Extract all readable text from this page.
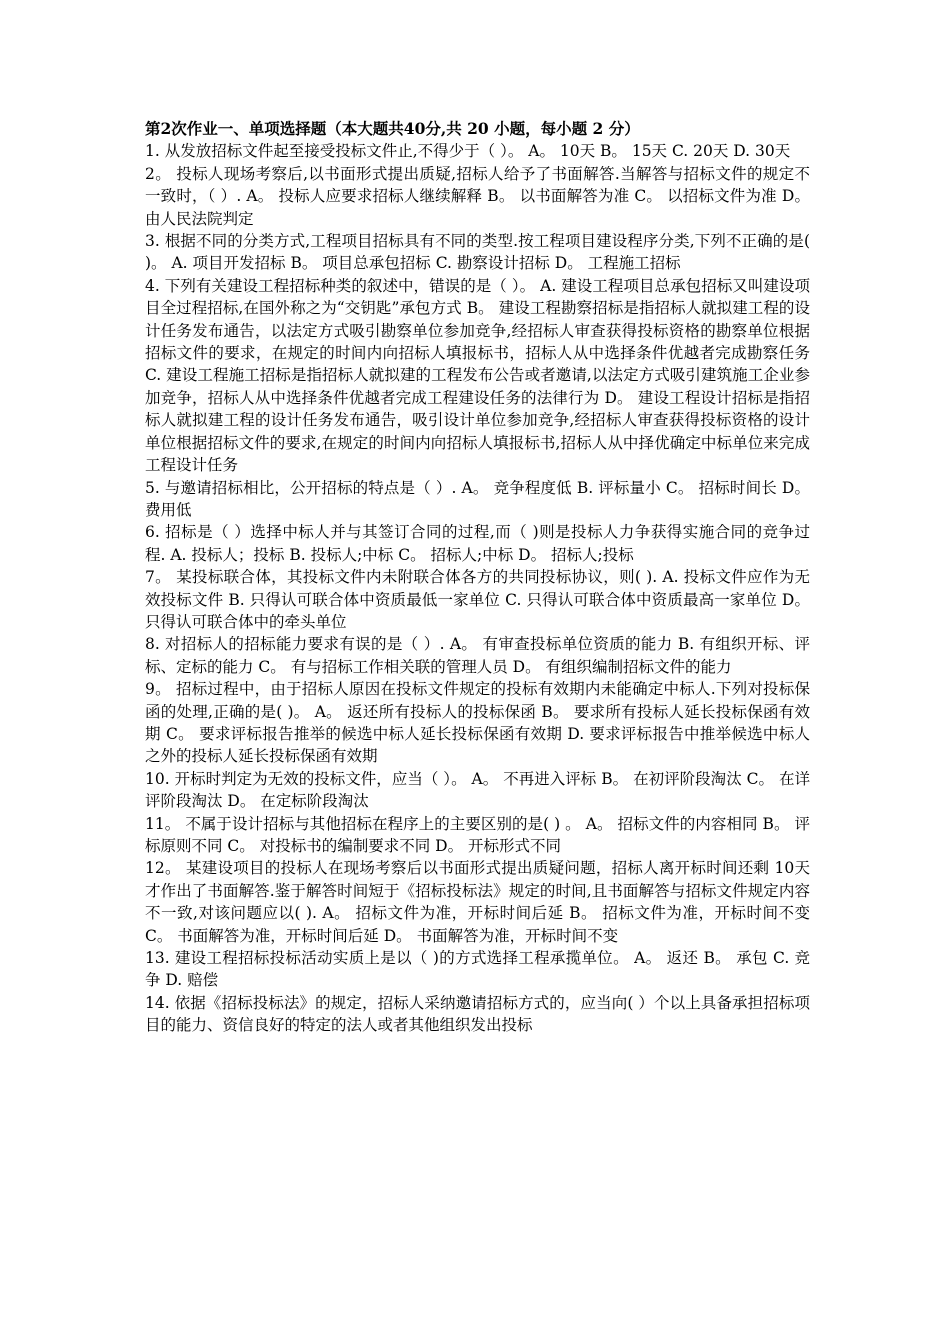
第2次作业一、单项选择题（本大题共40分,共 20 小题，每小题 2 分）

1. 从发放招标文件起至接受投标文件止,不得少于（ ）。 A。 10天 B。 15天 C. 20天 D. 30天

2。 投标人现场考察后,以书面形式提出质疑,招标人给予了书面解答.当解答与招标文件的规定不一致时，（ ）. A。 投标人应要求招标人继续解释 B。 以书面解答为准 C。 以招标文件为准 D。 由人民法院判定

3. 根据不同的分类方式,工程项目招标具有不同的类型.按工程项目建设程序分类,下列不正确的是( )。 A. 项目开发招标 B。 项目总承包招标 C. 勘察设计招标 D。 工程施工招标

4. 下列有关建设工程招标种类的叙述中，错误的是（ ）。 A. 建设工程项目总承包招标又叫建设项目全过程招标,在国外称之为“交钥匙”承包方式 B。 建设工程勘察招标是指招标人就拟建工程的设计任务发布通告，以法定方式吸引勘察单位参加竞争,经招标人审查获得投标资格的勘察单位根据招标文件的要求，在规定的时间内向招标人填报标书，招标人从中选择条件优越者完成勘察任务 C. 建设工程施工招标是指招标人就拟建的工程发布公告或者邀请,以法定方式吸引建筑施工企业参加竞争，招标人从中选择条件优越者完成工程建设任务的法律行为 D。 建设工程设计招标是指招标人就拟建工程的设计任务发布通告，吸引设计单位参加竞争,经招标人审查获得投标资格的设计单位根据招标文件的要求,在规定的时间内向招标人填报标书,招标人从中择优确定中标单位来完成工程设计任务

5. 与邀请招标相比，公开招标的特点是（ ）. A。 竞争程度低 B. 评标量小 C。 招标时间长 D。 费用低

6. 招标是（ ）选择中标人并与其签订合同的过程,而（ )则是投标人力争获得实施合同的竞争过程. A. 投标人；投标 B. 投标人;中标 C。 招标人;中标 D。 招标人;投标

7。 某投标联合体，其投标文件内未附联合体各方的共同投标协议，则( ). A. 投标文件应作为无效投标文件 B. 只得认可联合体中资质最低一家单位 C. 只得认可联合体中资质最高一家单位 D。 只得认可联合体中的牵头单位

8. 对招标人的招标能力要求有误的是（ ）. A。 有审查投标单位资质的能力 B. 有组织开标、评标、定标的能力 C。 有与招标工作相关联的管理人员 D。 有组织编制招标文件的能力

9。 招标过程中，由于招标人原因在投标文件规定的投标有效期内未能确定中标人.下列对投标保函的处理,正确的是( )。 A。 返还所有投标人的投标保函 B。 要求所有投标人延长投标保函有效期 C。 要求评标报告推举的候选中标人延长投标保函有效期 D. 要求评标报告中推举候选中标人之外的投标人延长投标保函有效期

10. 开标时判定为无效的投标文件，应当（ ）。 A。 不再进入评标 B。 在初评阶段淘汰 C。 在详评阶段淘汰 D。 在定标阶段淘汰

11。 不属于设计招标与其他招标在程序上的主要区别的是( ) 。 A。 招标文件的内容相同 B。 评标原则不同 C。 对投标书的编制要求不同 D。 开标形式不同

12。 某建设项目的投标人在现场考察后以书面形式提出质疑问题，招标人离开标时间还剩 10天才作出了书面解答.鉴于解答时间短于《招标投标法》规定的时间,且书面解答与招标文件规定内容不一致,对该问题应以( ). A。 招标文件为准，开标时间后延 B。 招标文件为准，开标时间不变 C。 书面解答为准，开标时间后延 D。 书面解答为准，开标时间不变

13. 建设工程招标投标活动实质上是以（ )的方式选择工程承揽单位。 A。 返还 B。 承包 C. 竞争 D. 赔偿

14. 依据《招标投标法》的规定，招标人采纳邀请招标方式的，应当向( ）个以上具备承担招标项目的能力、资信良好的特定的法人或者其他组织发出投标
